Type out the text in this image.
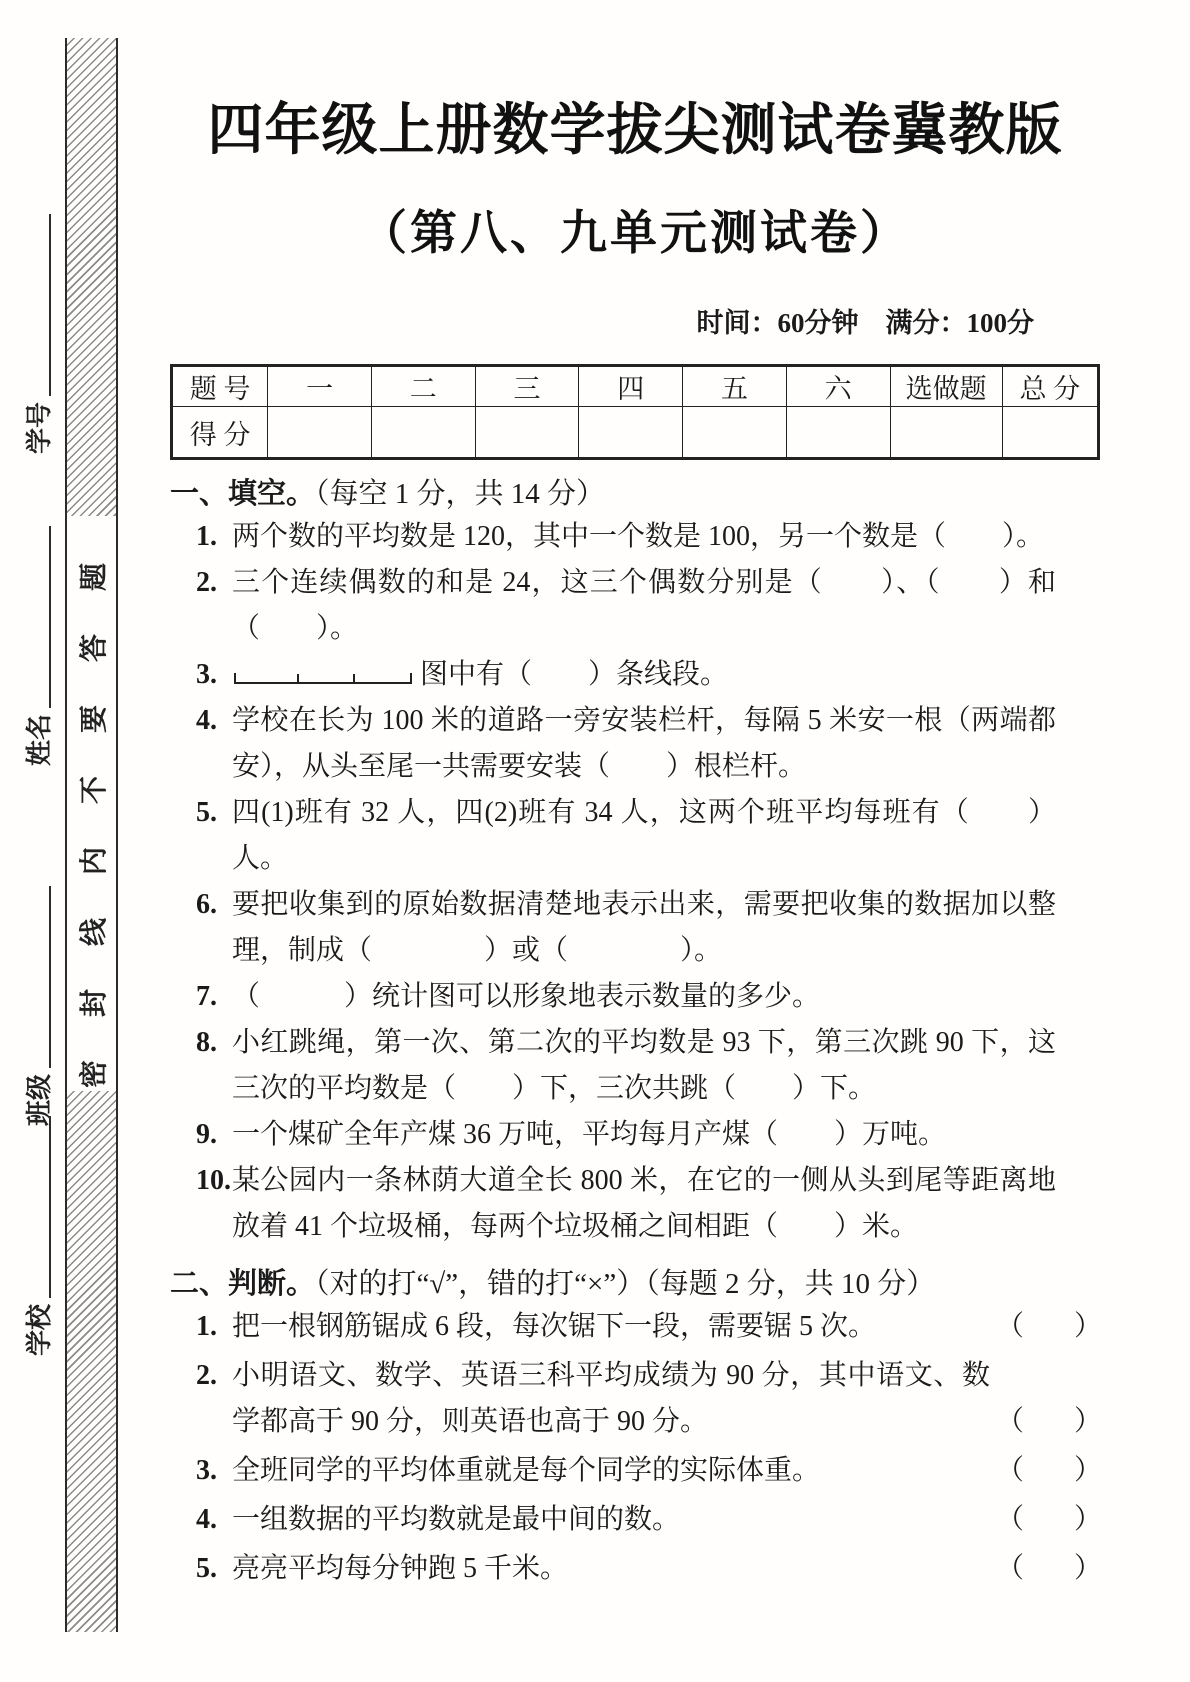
学号
姓名
班级
学校
密封线内不要答题
四年级上册数学拔尖测试卷冀教版
（第八、九单元测试卷）
时间：60分钟　满分：100分
题 号	一	二	三	四	五	六	选做题	总 分
得 分								
一、填空。（每空 1 分，共 14 分）
1. 两个数的平均数是 120，其中一个数是 100，另一个数是（　　）。
2. 三个连续偶数的和是 24，这三个偶数分别是（　　）、（　　）和（　　）。
3.	图中有（　　）条线段。
4. 学校在长为 100 米的道路一旁安装栏杆，每隔 5 米安一根（两端都安），从头至尾一共需要安装（　　）根栏杆。
5. 四(1)班有 32 人，四(2)班有 34 人，这两个班平均每班有（　　）人。
6. 要把收集到的原始数据清楚地表示出来，需要把收集的数据加以整理，制成（　　　　）或（　　　　）。
7. （　　　）统计图可以形象地表示数量的多少。
8. 小红跳绳，第一次、第二次的平均数是 93 下，第三次跳 90 下，这三次的平均数是（　　）下，三次共跳（　　）下。
9. 一个煤矿全年产煤 36 万吨，平均每月产煤（　　）万吨。
10. 某公园内一条林荫大道全长 800 米，在它的一侧从头到尾等距离地放着 41 个垃圾桶，每两个垃圾桶之间相距（　　）米。
二、判断。（对的打“√”，错的打“×”）（每题 2 分，共 10 分）
1. 把一根钢筋锯成 6 段，每次锯下一段，需要锯 5 次。	（　　）
2. 小明语文、数学、英语三科平均成绩为 90 分，其中语文、数学都高于 90 分，则英语也高于 90 分。	（　　）
3. 全班同学的平均体重就是每个同学的实际体重。	（　　）
4. 一组数据的平均数就是最中间的数。	（　　）
5. 亮亮平均每分钟跑 5 千米。	（　　）
